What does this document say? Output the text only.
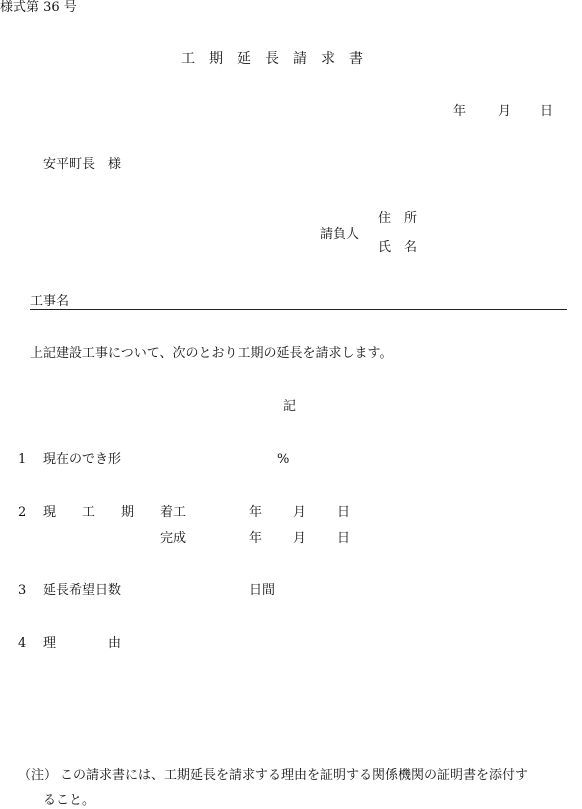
様式第 36 号
工　期　延　長　請　求　書
年 月 日
安平町長　様
請負人
住　所
氏　名
工事名
上記建設工事について、次のとおり工期の延長を請求します。
記
1 現在のでき形	%
2 現　　工　　期 着工	年 月 日
完成	年 月 日
3 延長希望日数	日間
4 理　　　　由
（注） この請求書には、工期延長を請求する理由を証明する関係機関の証明書を添付す
ること。
